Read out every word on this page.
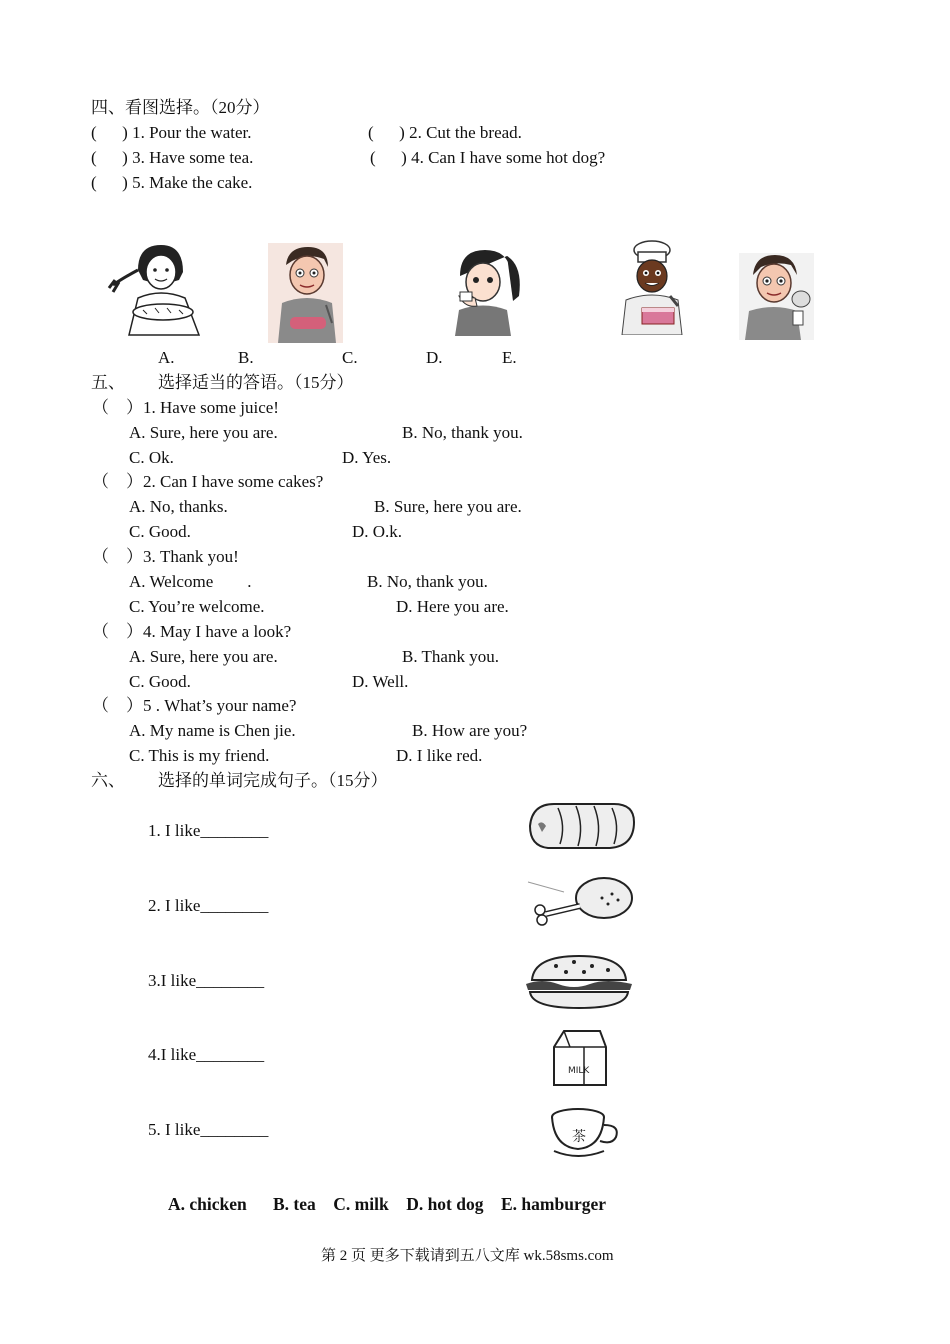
四、看图选择。（20分）
(      ) 1. Pour the water.	(      ) 2. Cut the bread.
(      ) 3. Have some tea.	(      ) 4. Can I have some hot dog?
(      ) 5. Make the cake.
A.	B.	C.	D.	E.
五、 选择适当的答语。（15分）
（    ）1. Have some juice!
A. Sure, here you are.	B. No, thank you.
C. Ok.	D. Yes.
（    ）2. Can I have some cakes?
A. No, thanks.	B. Sure, here you are.
C. Good.	D. O.k.
（    ）3. Thank you!
A. Welcome        .	B. No, thank you.
C. You’re welcome.	D. Here you are.
（    ）4. May I have a look?
A. Sure, here you are.	B. Thank you.
C. Good.	D. Well.
（    ）5 . What’s your name?
A. My name is Chen jie.	B. How are you?
C. This is my friend.	D. I like red.
六、 选择的单词完成句子。（15分）
1. I like________
2. I like________
3.I like________
4.I like________
5. I like________
MILK
茶
A. chicken      B. tea    C. milk    D. hot dog    E. hamburger
第 2 页 更多下载请到五八文库 wk.58sms.com
